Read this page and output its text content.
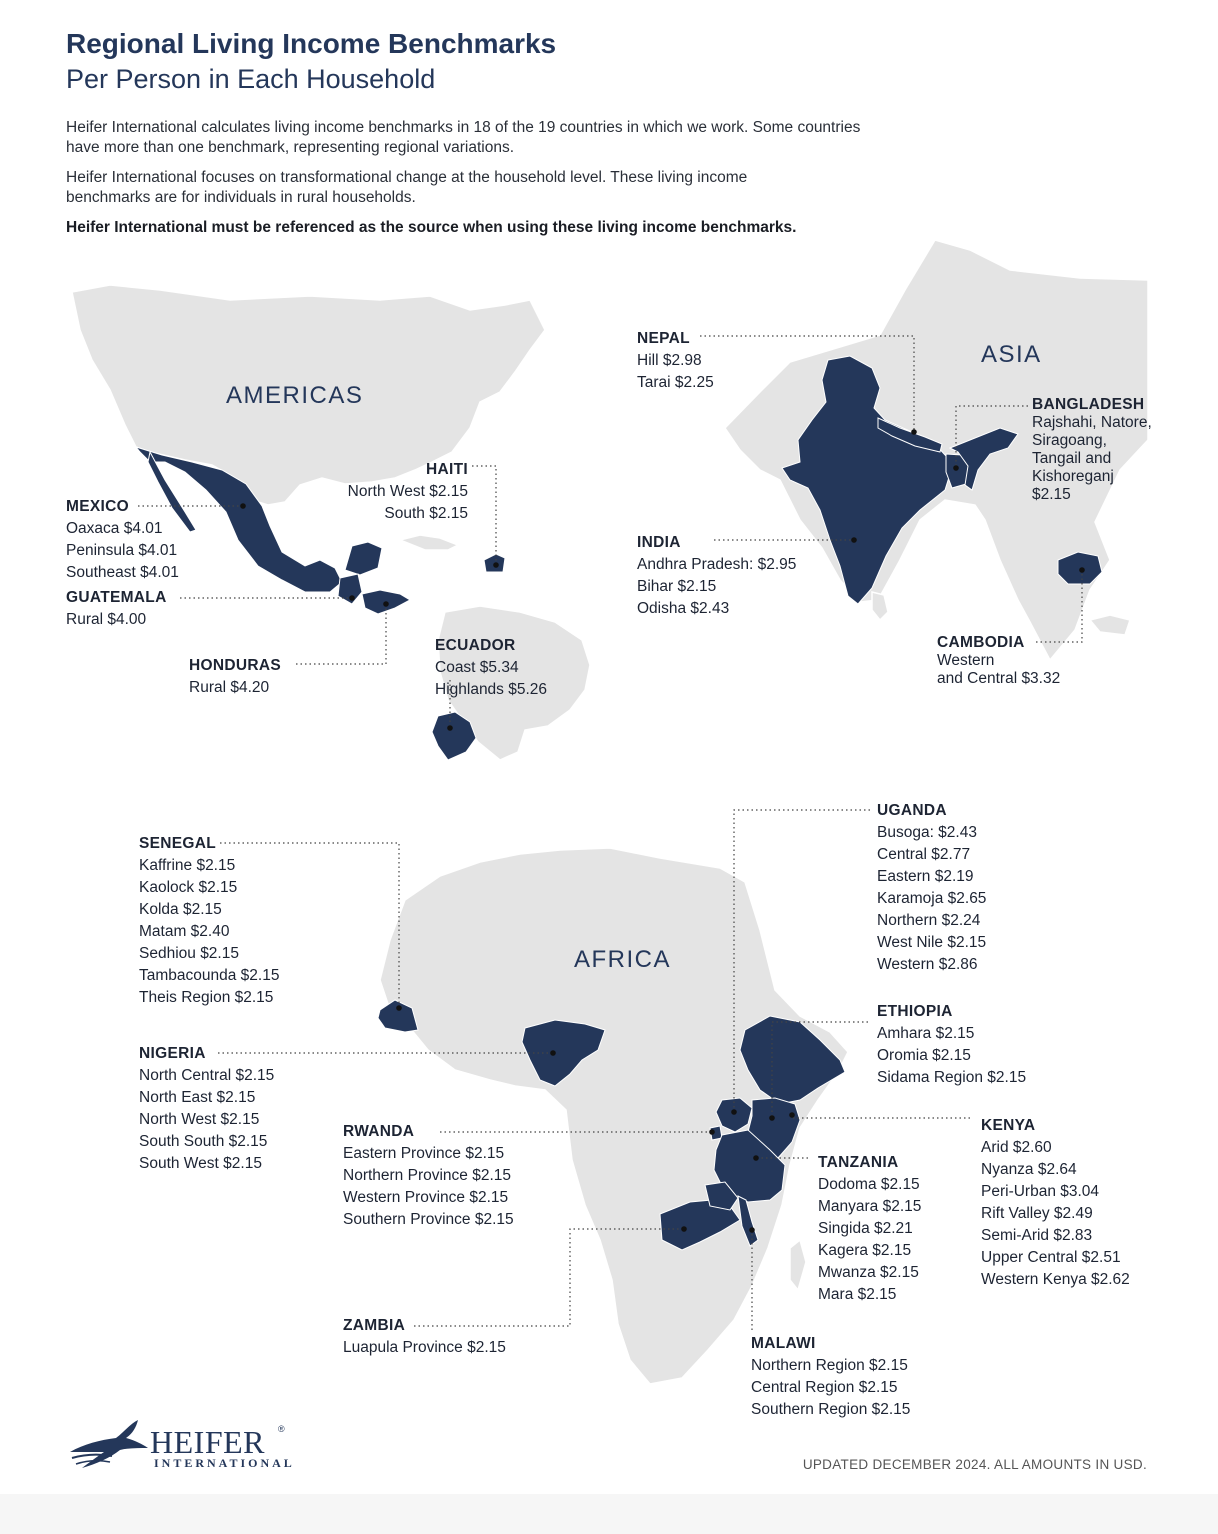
Regional Living Income Benchmarks
Per Person in Each Household

Heifer International calculates living income benchmarks in 18 of the 19 countries in which we work. Some countries have more than one benchmark, representing regional variations.

Heifer International focuses on transformational change at the household level. These living income benchmarks are for individuals in rural households.

Heifer International must be referenced as the source when using these living income benchmarks.

AMERICAS
ASIA
AFRICA
MEXICO
Oaxaca $4.01
Peninsula $4.01
Southeast $4.01
GUATEMALA
Rural $4.00
HONDURAS
Rural $4.20
HAITI
North West $2.15
South $2.15
ECUADOR
Coast $5.34
Highlands $5.26
NEPAL
Hill $2.98
Tarai $2.25
BANGLADESH
Rajshahi, Natore,
Siragoang,
Tangail and
Kishoreganj
$2.15
INDIA
Andhra Pradesh: $2.95
Bihar $2.15
Odisha $2.43
CAMBODIA
Western
and Central $3.32
SENEGAL
Kaffrine $2.15
Kaolock $2.15
Kolda $2.15
Matam $2.40
Sedhiou $2.15
Tambacounda $2.15
Theis Region $2.15
NIGERIA
North Central $2.15
North East $2.15
North West $2.15
South South $2.15
South West $2.15
RWANDA
Eastern Province $2.15
Northern Province $2.15
Western Province $2.15
Southern Province $2.15
ZAMBIA
Luapula Province $2.15
UGANDA
Busoga: $2.43
Central $2.77
Eastern $2.19
Karamoja $2.65
Northern $2.24
West Nile $2.15
Western $2.86
ETHIOPIA
Amhara $2.15
Oromia $2.15
Sidama Region $2.15
KENYA
Arid $2.60
Nyanza $2.64
Peri-Urban $3.04
Rift Valley $2.49
Semi-Arid $2.83
Upper Central $2.51
Western Kenya $2.62
TANZANIA
Dodoma $2.15
Manyara $2.15
Singida $2.21
Kagera $2.15
Mwanza $2.15
Mara $2.15
MALAWI
Northern Region $2.15
Central Region $2.15
Southern Region $2.15
HEIFER ®
INTERNATIONAL	UPDATED DECEMBER 2024. ALL AMOUNTS IN USD.
